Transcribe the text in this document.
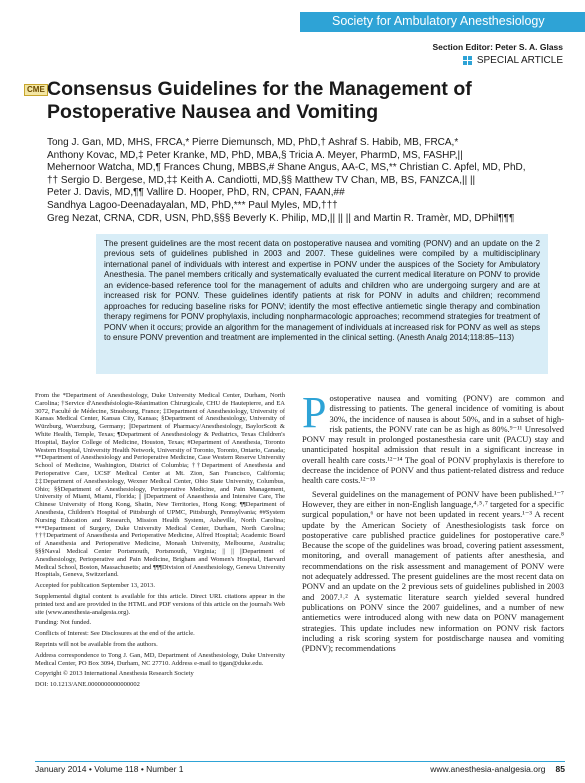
Society for Ambulatory Anesthesiology
Section Editor: Peter S. A. Glass
SPECIAL ARTICLE
CME Consensus Guidelines for the Management of Postoperative Nausea and Vomiting
Tong J. Gan, MD, MHS, FRCA,* Pierre Diemunsch, MD, PhD,† Ashraf S. Habib, MB, FRCA,*
Anthony Kovac, MD,‡ Peter Kranke, MD, PhD, MBA,§ Tricia A. Meyer, PharmD, MS, FASHP,||
Mehernoor Watcha, MD,¶ Frances Chung, MBBS,# Shane Angus, AA-C, MS,** Christian C. Apfel, MD, PhD,
†† Sergio D. Bergese, MD,‡‡ Keith A. Candiotti, MD,§§ Matthew TV Chan, MB, BS, FANZCA,|| ||
Peter J. Davis, MD,¶¶ Vallire D. Hooper, PhD, RN, CPAN, FAAN,##
Sandhya Lagoo-Deenadayalan, MD, PhD,*** Paul Myles, MD,†††
Greg Nezat, CRNA, CDR, USN, PhD,§§§ Beverly K. Philip, MD,|| || || and Martin R. Tramèr, MD, DPhil¶¶¶
The present guidelines are the most recent data on postoperative nausea and vomiting (PONV) and an update on the 2 previous sets of guidelines published in 2003 and 2007. These guidelines were compiled by a multidisciplinary international panel of individuals with interest and expertise in PONV under the auspices of the Society for Ambulatory Anesthesia. The panel members critically and systematically evaluated the current medical literature on PONV to provide an evidence-based reference tool for the management of adults and children who are undergoing surgery and are at increased risk for PONV. These guidelines identify patients at risk for PONV in adults and children; recommend approaches for reducing baseline risks for PONV; identify the most effective antiemetic single therapy and combination therapy regimens for PONV prophylaxis, including nonpharmacologic approaches; recommend strategies for treatment of PONV when it occurs; provide an algorithm for the management of individuals at increased risk for PONV as well as steps to ensure PONV prevention and treatment are implemented in the clinical setting. (Anesth Analg 2014;118:85–113)

From the *Department of Anesthesiology, Duke University Medical Center, Durham, North Carolina; †Service d'Anesthésiologie-Réanimation Chirurgicale, CHU de Hautepierre, and EA 3072, Faculté de Médecine, Strasbourg, France; ‡Department of Anesthesiology, University of Kansas Medical Center, Kansas City, Kansas; §Department of Anesthesiology, University of Würzburg, Wuerzburg, Germany; ||Department of Pharmacy/Anesthesiology, BaylorScott & White Health, Temple, Texas; ¶Department of Anesthesiology & Pediatrics, Texas Children's Hospital, Baylor College of Medicine, Houston, Texas; #Department of Anesthesia, Toronto Western Hospital, University Health Network, University of Toronto, Toronto, Ontario, Canada; **Department of Anesthesiology and Perioperative Medicine, Case Western Reserve University School of Medicine, Washington, District of Columbia; ††Department of Anesthesia and Perioperative Care, UCSF Medical Center at Mt. Zion, San Francisco, California; ‡‡Department of Anesthesiology, Wexner Medical Center, Ohio State University, Columbus, Ohio; §§Department of Anesthesiology, Perioperative Medicine, and Pain Management, University of Miami, Miami, Florida; || ||Department of Anaesthesia and Intensive Care, The Chinese University of Hong Kong, Shatin, New Territories, Hong Kong; ¶¶Department of Anesthesia, Children's Hospital of Pittsburgh of UPMC, Pittsburgh, Pennsylvania; ##System Nursing Education and Research, Mission Health System, Asheville, North Carolina; ***Department of Surgery, Duke University Medical Center, Durham, North Carolina; †††Department of Anaesthesia and Perioperative Medicine, Alfred Hospital; Academic Board of Anaesthesia and Perioperative Medicine, Monash University, Melbourne, Australia; §§§Naval Medical Center Portsmouth, Portsmouth, Virginia; || || ||Department of Anesthesiology, Perioperative and Pain Medicine, Brigham and Women's Hospital, Harvard Medical School, Boston, Massachusetts; and ¶¶¶Division of Anesthesiology, Geneva University Hospitals, Geneva, Switzerland.

Accepted for publication September 13, 2013.

Supplemental digital content is available for this article. Direct URL citations appear in the printed text and are provided in the HTML and PDF versions of this article on the journal's Web site (www.anesthesia-analgesia.org).

Funding: Not funded.

Conflicts of Interest: See Disclosures at the end of the article.

Reprints will not be available from the authors.

Address correspondence to Tong J. Gan, MD, Department of Anesthesiology, Duke University Medical Center, PO Box 3094, Durham, NC 27710. Address e-mail to tjgan@duke.edu.

Copyright © 2013 International Anesthesia Research Society

DOI: 10.1213/ANE.0000000000000002

Postoperative nausea and vomiting (PONV) are common and distressing to patients. The general incidence of vomiting is about 30%, the incidence of nausea is about 50%, and in a subset of high-risk patients, the PONV rate can be as high as 80%.⁹⁻¹¹ Unresolved PONV may result in prolonged postanesthesia care unit (PACU) stay and unanticipated hospital admission that result in a significant increase in overall health care costs.¹²⁻¹⁴ The goal of PONV prophylaxis is therefore to decrease the incidence of PONV and thus patient-related distress and reduce health care costs.¹²⁻¹⁵

Several guidelines on the management of PONV have been published.¹⁻⁷ However, they are either in non-English language,⁴˒⁵˒⁷ targeted for a specific surgical population,⁶ or have not been updated in recent years.¹⁻³ A recent update by the American Society of Anesthesiologists task force on postoperative care published practice guidelines for postoperative care.⁸ Because the scope of the guidelines was broad, covering patient assessment, monitoring, and overall management of patients after anesthesia, and recommendations on the risk assessment and management of PONV were not adequately addressed. The present guidelines are the most recent data on PONV and an update on the 2 previous sets of guidelines published in 2003 and 2007.¹˒² A systematic literature search yielded several hundred publications on PONV since the 2007 guidelines, and a number of new antiemetics were introduced along with new data on PONV management strategies. This update includes new information on PONV risk factors including a risk scoring system for postdischarge nausea and vomiting (PDNV); recommendations

January 2014 • Volume 118 • Number 1	www.anesthesia-analgesia.org 85
